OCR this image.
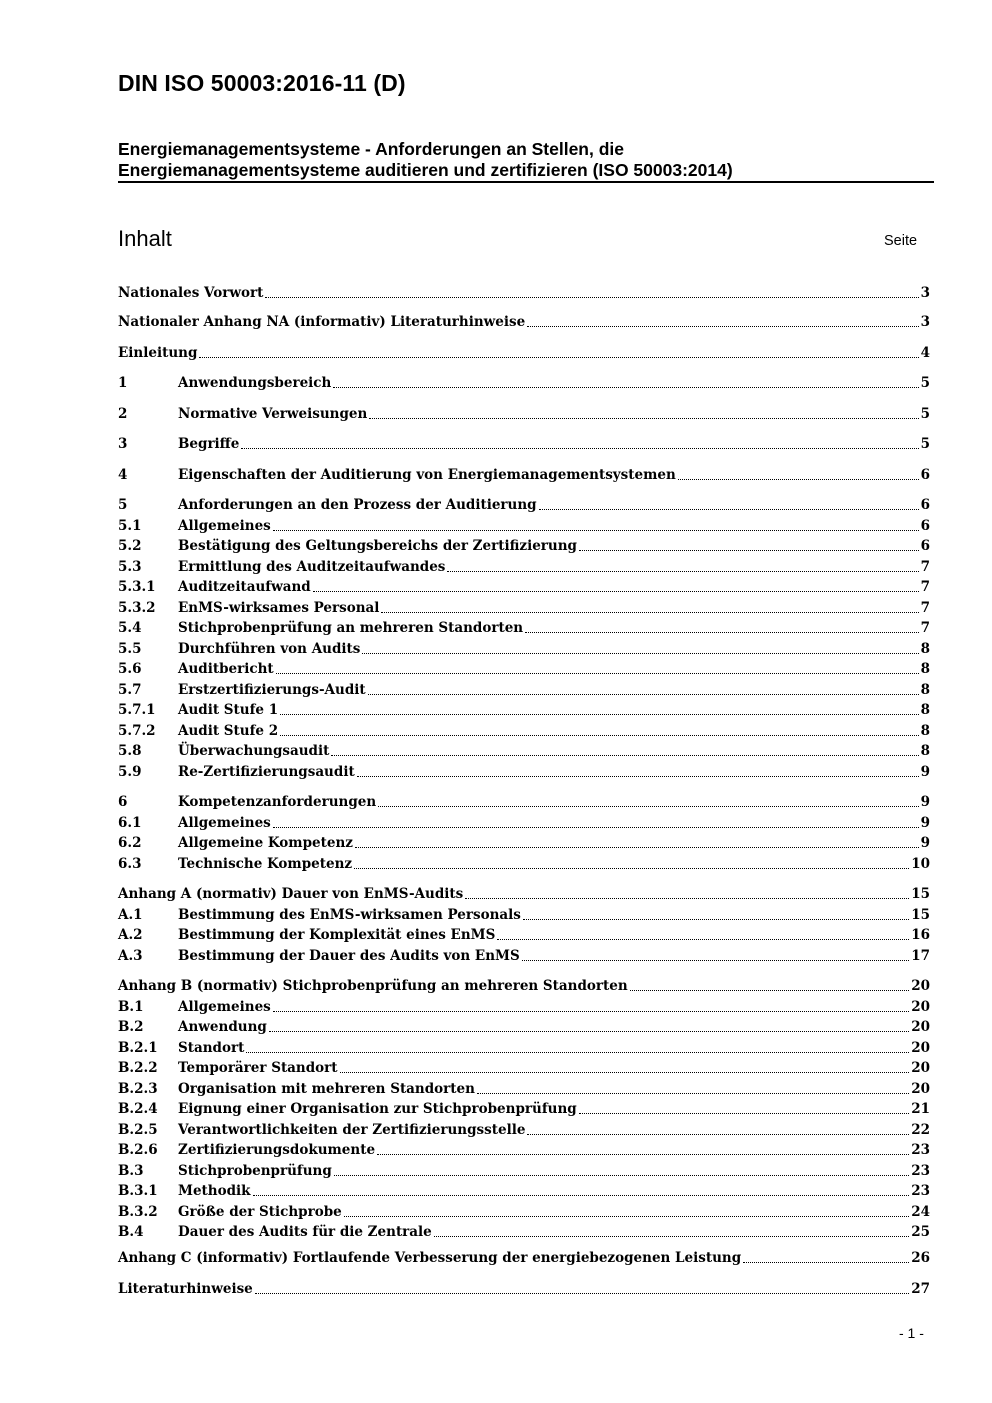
DIN ISO 50003:2016-11 (D)
Energiemanagementsysteme - Anforderungen an Stellen, die
Energiemanagementsysteme auditieren und zertifizieren (ISO 50003:2014)
Inhalt	Seite
Nationales Vorwort	3
Nationaler Anhang NA (informativ) Literaturhinweise	3
Einleitung	4
1	Anwendungsbereich	5
2	Normative Verweisungen	5
3	Begriffe	5
4	Eigenschaften der Auditierung von Energiemanagementsystemen	6
5	Anforderungen an den Prozess der Auditierung	6
5.1	Allgemeines	6
5.2	Bestätigung des Geltungsbereichs der Zertifizierung	6
5.3	Ermittlung des Auditzeitaufwandes	7
5.3.1	Auditzeitaufwand	7
5.3.2	EnMS-wirksames Personal	7
5.4	Stichprobenprüfung an mehreren Standorten	7
5.5	Durchführen von Audits	8
5.6	Auditbericht	8
5.7	Erstzertifizierungs-Audit	8
5.7.1	Audit Stufe 1	8
5.7.2	Audit Stufe 2	8
5.8	Überwachungsaudit	8
5.9	Re-Zertifizierungsaudit	9
6	Kompetenzanforderungen	9
6.1	Allgemeines	9
6.2	Allgemeine Kompetenz	9
6.3	Technische Kompetenz	10
Anhang A (normativ) Dauer von EnMS-Audits	15
A.1	Bestimmung des EnMS-wirksamen Personals	15
A.2	Bestimmung der Komplexität eines EnMS	16
A.3	Bestimmung der Dauer des Audits von EnMS	17
Anhang B (normativ) Stichprobenprüfung an mehreren Standorten	20
B.1	Allgemeines	20
B.2	Anwendung	20
B.2.1	Standort	20
B.2.2	Temporärer Standort	20
B.2.3	Organisation mit mehreren Standorten	20
B.2.4	Eignung einer Organisation zur Stichprobenprüfung	21
B.2.5	Verantwortlichkeiten der Zertifizierungsstelle	22
B.2.6	Zertifizierungsdokumente	23
B.3	Stichprobenprüfung	23
B.3.1	Methodik	23
B.3.2	Größe der Stichprobe	24
B.4	Dauer des Audits für die Zentrale	25
Anhang C (informativ) Fortlaufende Verbesserung der energiebezogenen Leistung	26
Literaturhinweise	27
- 1 -
